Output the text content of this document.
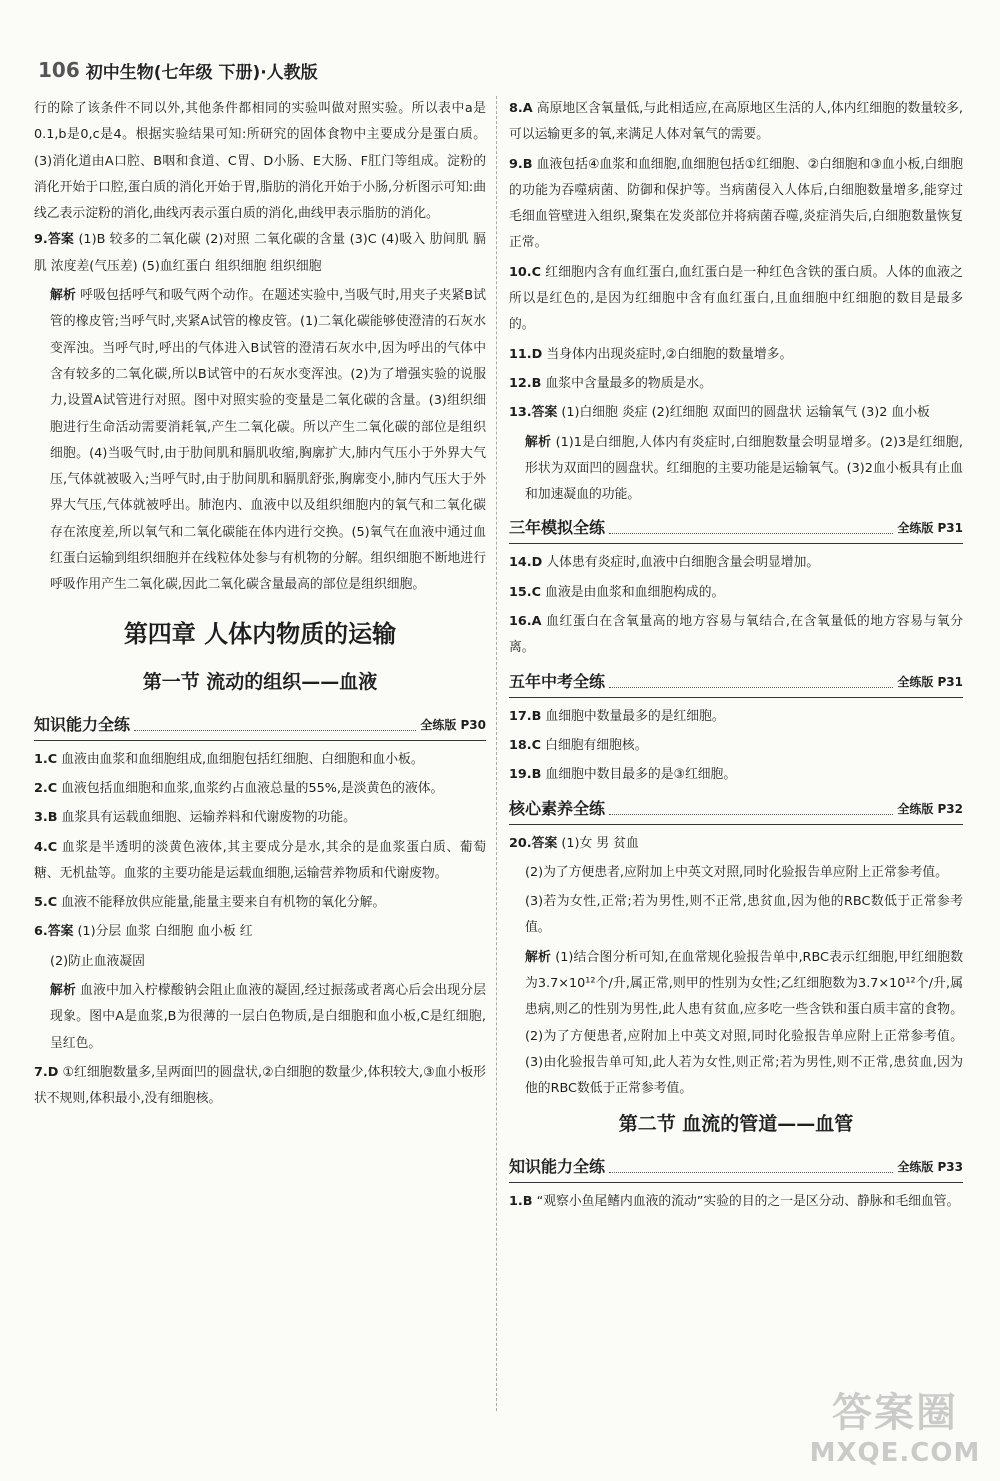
106 初中生物(七年级 下册)·人教版

行的除了该条件不同以外,其他条件都相同的实验叫做对照实验。所以表中a是0.1,b是0,c是4。根据实验结果可知:所研究的固体食物中主要成分是蛋白质。(3)消化道由A口腔、B咽和食道、C胃、D小肠、E大肠、F肛门等组成。淀粉的消化开始于口腔,蛋白质的消化开始于胃,脂肪的消化开始于小肠,分析图示可知:曲线乙表示淀粉的消化,曲线丙表示蛋白质的消化,曲线甲表示脂肪的消化。

9.答案 (1)B 较多的二氧化碳 (2)对照 二氧化碳的含量 (3)C (4)吸入 肋间肌 膈肌 浓度差(气压差) (5)血红蛋白 组织细胞 组织细胞

解析 呼吸包括呼气和吸气两个动作。在题述实验中,当吸气时,用夹子夹紧B试管的橡皮管;当呼气时,夹紧A试管的橡皮管。(1)二氧化碳能够使澄清的石灰水变浑浊。当呼气时,呼出的气体进入B试管的澄清石灰水中,因为呼出的气体中含有较多的二氧化碳,所以B试管中的石灰水变浑浊。(2)为了增强实验的说服力,设置A试管进行对照。图中对照实验的变量是二氧化碳的含量。(3)组织细胞进行生命活动需要消耗氧,产生二氧化碳。所以产生二氧化碳的部位是组织细胞。(4)当吸气时,由于肋间肌和膈肌收缩,胸廓扩大,肺内气压小于外界大气压,气体就被吸入;当呼气时,由于肋间肌和膈肌舒张,胸廓变小,肺内气压大于外界大气压,气体就被呼出。肺泡内、血液中以及组织细胞内的氧气和二氧化碳存在浓度差,所以氧气和二氧化碳能在体内进行交换。(5)氧气在血液中通过血红蛋白运输到组织细胞并在线粒体处参与有机物的分解。组织细胞不断地进行呼吸作用产生二氧化碳,因此二氧化碳含量最高的部位是组织细胞。

第四章 人体内物质的运输
第一节 流动的组织——血液
知识能力全练	全练版 P30

1.C 血液由血浆和血细胞组成,血细胞包括红细胞、白细胞和血小板。

2.C 血液包括血细胞和血浆,血浆约占血液总量的55%,是淡黄色的液体。

3.B 血浆具有运载血细胞、运输养料和代谢废物的功能。

4.C 血浆是半透明的淡黄色液体,其主要成分是水,其余的是血浆蛋白质、葡萄糖、无机盐等。血浆的主要功能是运载血细胞,运输营养物质和代谢废物。

5.C 血液不能释放供应能量,能量主要来自有机物的氧化分解。

6.答案 (1)分层 血浆 白细胞 血小板 红

(2)防止血液凝固

解析 血液中加入柠檬酸钠会阻止血液的凝固,经过振荡或者离心后会出现分层现象。图中A是血浆,B为很薄的一层白色物质,是白细胞和血小板,C是红细胞,呈红色。

7.D ①红细胞数量多,呈两面凹的圆盘状,②白细胞的数量少,体积较大,③血小板形状不规则,体积最小,没有细胞核。

8.A 高原地区含氧量低,与此相适应,在高原地区生活的人,体内红细胞的数量较多,可以运输更多的氧,来满足人体对氧气的需要。

9.B 血液包括④血浆和血细胞,血细胞包括①红细胞、②白细胞和③血小板,白细胞的功能为吞噬病菌、防御和保护等。当病菌侵入人体后,白细胞数量增多,能穿过毛细血管壁进入组织,聚集在发炎部位并将病菌吞噬,炎症消失后,白细胞数量恢复正常。

10.C 红细胞内含有血红蛋白,血红蛋白是一种红色含铁的蛋白质。人体的血液之所以是红色的,是因为红细胞中含有血红蛋白,且血细胞中红细胞的数目是最多的。

11.D 当身体内出现炎症时,②白细胞的数量增多。

12.B 血浆中含量最多的物质是水。

13.答案 (1)白细胞 炎症 (2)红细胞 双面凹的圆盘状 运输氧气 (3)2 血小板

解析 (1)1是白细胞,人体内有炎症时,白细胞数量会明显增多。(2)3是红细胞,形状为双面凹的圆盘状。红细胞的主要功能是运输氧气。(3)2血小板具有止血和加速凝血的功能。

三年模拟全练	全练版 P31

14.D 人体患有炎症时,血液中白细胞含量会明显增加。

15.C 血液是由血浆和血细胞构成的。

16.A 血红蛋白在含氧量高的地方容易与氧结合,在含氧量低的地方容易与氧分离。

五年中考全练	全练版 P31

17.B 血细胞中数量最多的是红细胞。

18.C 白细胞有细胞核。

19.B 血细胞中数目最多的是③红细胞。

核心素养全练	全练版 P32

20.答案 (1)女 男 贫血

(2)为了方便患者,应附加上中英文对照,同时化验报告单应附上正常参考值。

(3)若为女性,正常;若为男性,则不正常,患贫血,因为他的RBC数低于正常参考值。

解析 (1)结合图分析可知,在血常规化验报告单中,RBC表示红细胞,甲红细胞数为3.7×10¹²个/升,属正常,则甲的性别为女性;乙红细胞数为3.7×10¹²个/升,属患病,则乙的性别为男性,此人患有贫血,应多吃一些含铁和蛋白质丰富的食物。(2)为了方便患者,应附加上中英文对照,同时化验报告单应附上正常参考值。(3)由化验报告单可知,此人若为女性,则正常;若为男性,则不正常,患贫血,因为他的RBC数低于正常参考值。

第二节 血流的管道——血管
知识能力全练	全练版 P33

1.B “观察小鱼尾鳍内血液的流动”实验的目的之一是区分动、静脉和毛细血管。

答案圈
MXQE.COM
